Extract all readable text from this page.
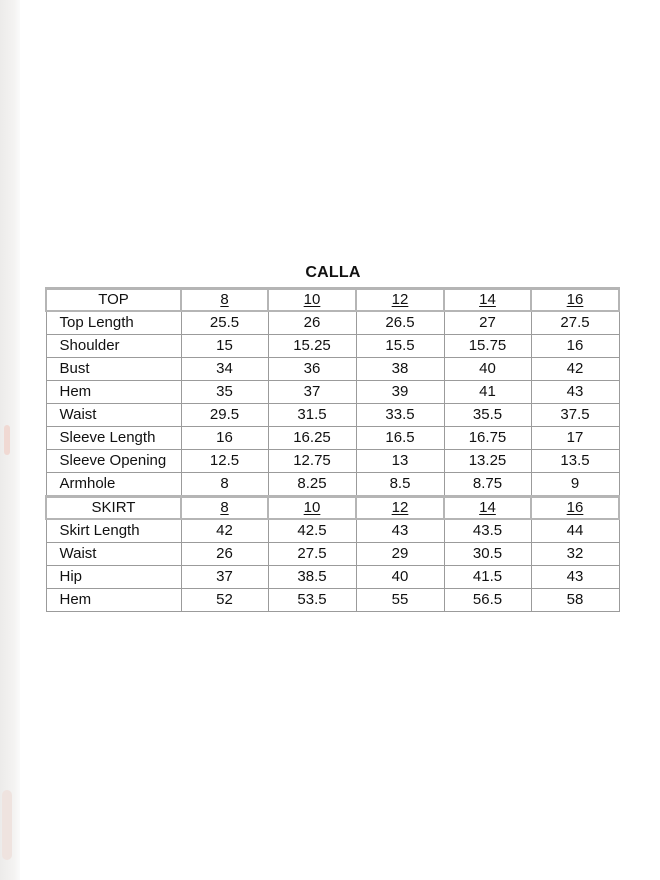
CALLA
TOP	8	10	12	14	16
Top Length	25.5	26	26.5	27	27.5
Shoulder	15	15.25	15.5	15.75	16
Bust	34	36	38	40	42
Hem	35	37	39	41	43
Waist	29.5	31.5	33.5	35.5	37.5
Sleeve Length	16	16.25	16.5	16.75	17
Sleeve Opening	12.5	12.75	13	13.25	13.5
Armhole	8	8.25	8.5	8.75	9
SKIRT	8	10	12	14	16
Skirt Length	42	42.5	43	43.5	44
Waist	26	27.5	29	30.5	32
Hip	37	38.5	40	41.5	43
Hem	52	53.5	55	56.5	58
